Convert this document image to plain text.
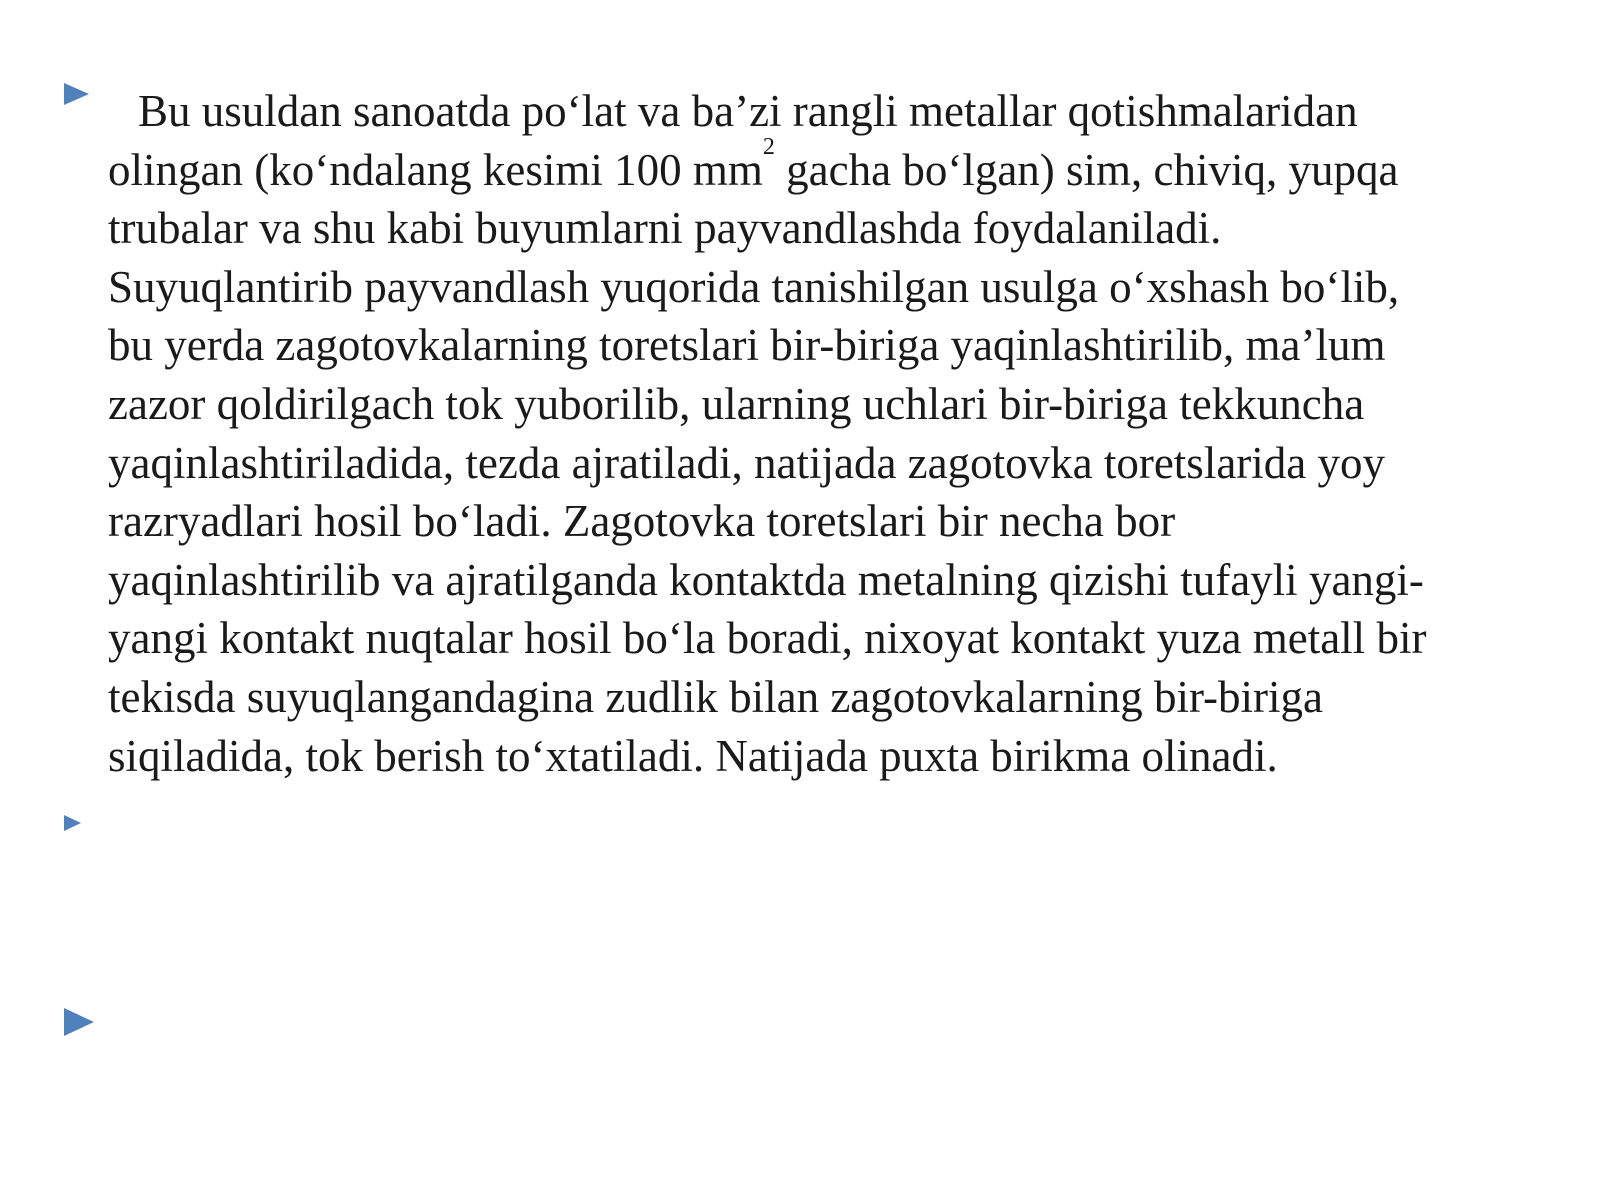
Bu usuldan sanoatda po‘lat va ba’zi rangli metallar qotishmalaridan
olingan (ko‘ndalang kesimi 100 $mm^2$ gacha bo‘lgan) sim, chiviq, yupqa
trubalar va shu kabi buyumlarni payvandlashda foydalaniladi.
Suyuqlantirib payvandlash yuqorida tanishilgan usulga o‘xshash bo‘lib,
bu yerda zagotovkalarning toretslari bir-biriga yaqinlashtirilib, ma’lum
zazor qoldirilgach tok yuborilib, ularning uchlari bir-biriga tekkuncha
yaqinlashtiriladida, tezda ajratiladi, natijada zagotovka toretslarida yoy
razryadlari hosil bo‘ladi. Zagotovka toretslari bir necha bor
yaqinlashtirilib va ajratilganda kontaktda metalning qizishi tufayli yangi-
yangi kontakt nuqtalar hosil bo‘la boradi, nixoyat kontakt yuza metall bir
tekisda suyuqlangandagina zudlik bilan zagotovkalarning bir-biriga
siqiladida, tok berish to‘xtatiladi. Natijada puxta birikma olinadi.
